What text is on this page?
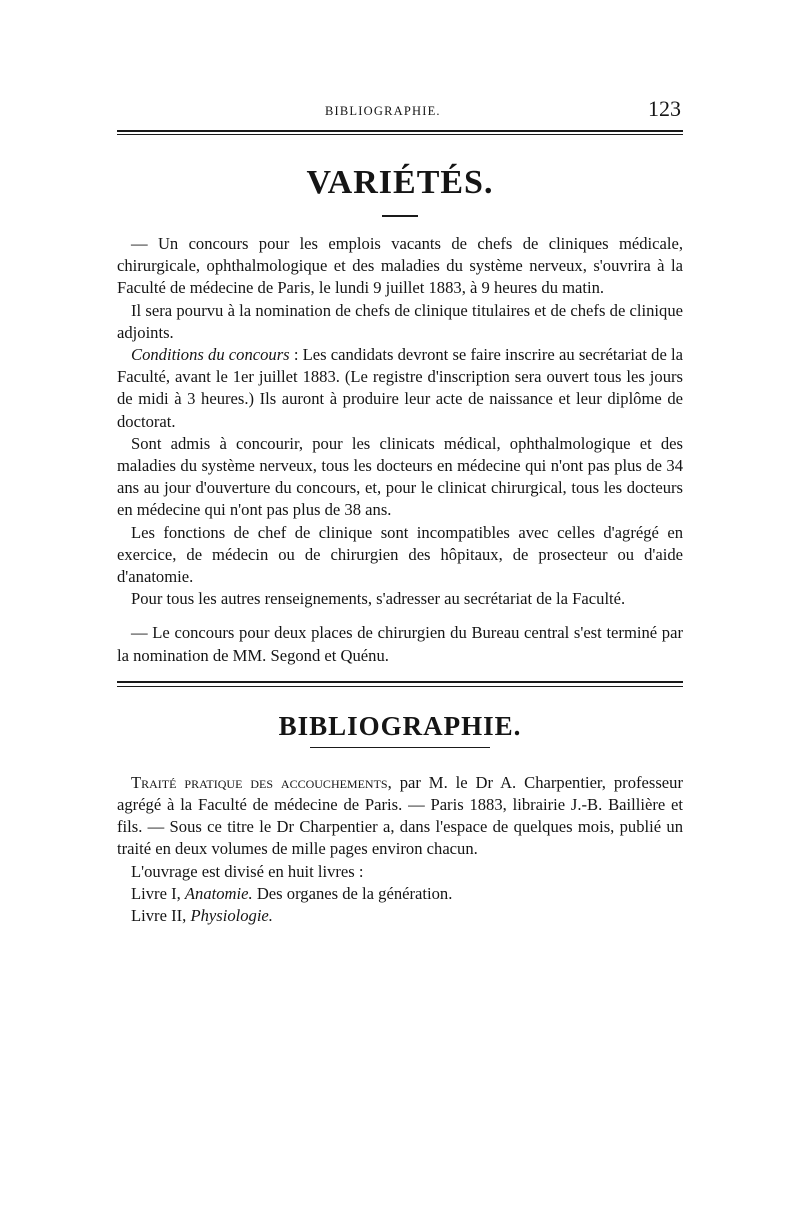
BIBLIOGRAPHIE.	123
VARIÉTÉS.

— Un concours pour les emplois vacants de chefs de cliniques médicale, chirurgicale, ophthalmologique et des maladies du système nerveux, s'ouvrira à la Faculté de médecine de Paris, le lundi 9 juillet 1883, à 9 heures du matin.

Il sera pourvu à la nomination de chefs de clinique titulaires et de chefs de clinique adjoints.

Conditions du concours : Les candidats devront se faire inscrire au secrétariat de la Faculté, avant le 1er juillet 1883. (Le registre d'inscription sera ouvert tous les jours de midi à 3 heures.) Ils auront à produire leur acte de naissance et leur diplôme de doctorat.

Sont admis à concourir, pour les clinicats médical, ophthalmologique et des maladies du système nerveux, tous les docteurs en médecine qui n'ont pas plus de 34 ans au jour d'ouverture du concours, et, pour le clinicat chirurgical, tous les docteurs en médecine qui n'ont pas plus de 38 ans.

Les fonctions de chef de clinique sont incompatibles avec celles d'agrégé en exercice, de médecin ou de chirurgien des hôpitaux, de prosecteur ou d'aide d'anatomie.

Pour tous les autres renseignements, s'adresser au secrétariat de la Faculté.

— Le concours pour deux places de chirurgien du Bureau central s'est terminé par la nomination de MM. Segond et Quénu.

BIBLIOGRAPHIE.

Traité pratique des accouchements, par M. le Dr A. Charpentier, professeur agrégé à la Faculté de médecine de Paris. — Paris 1883, librairie J.-B. Baillière et fils. — Sous ce titre le Dr Charpentier a, dans l'espace de quelques mois, publié un traité en deux volumes de mille pages environ chacun.

L'ouvrage est divisé en huit livres :

Livre I, Anatomie. Des organes de la génération.
Livre II, Physiologie.
